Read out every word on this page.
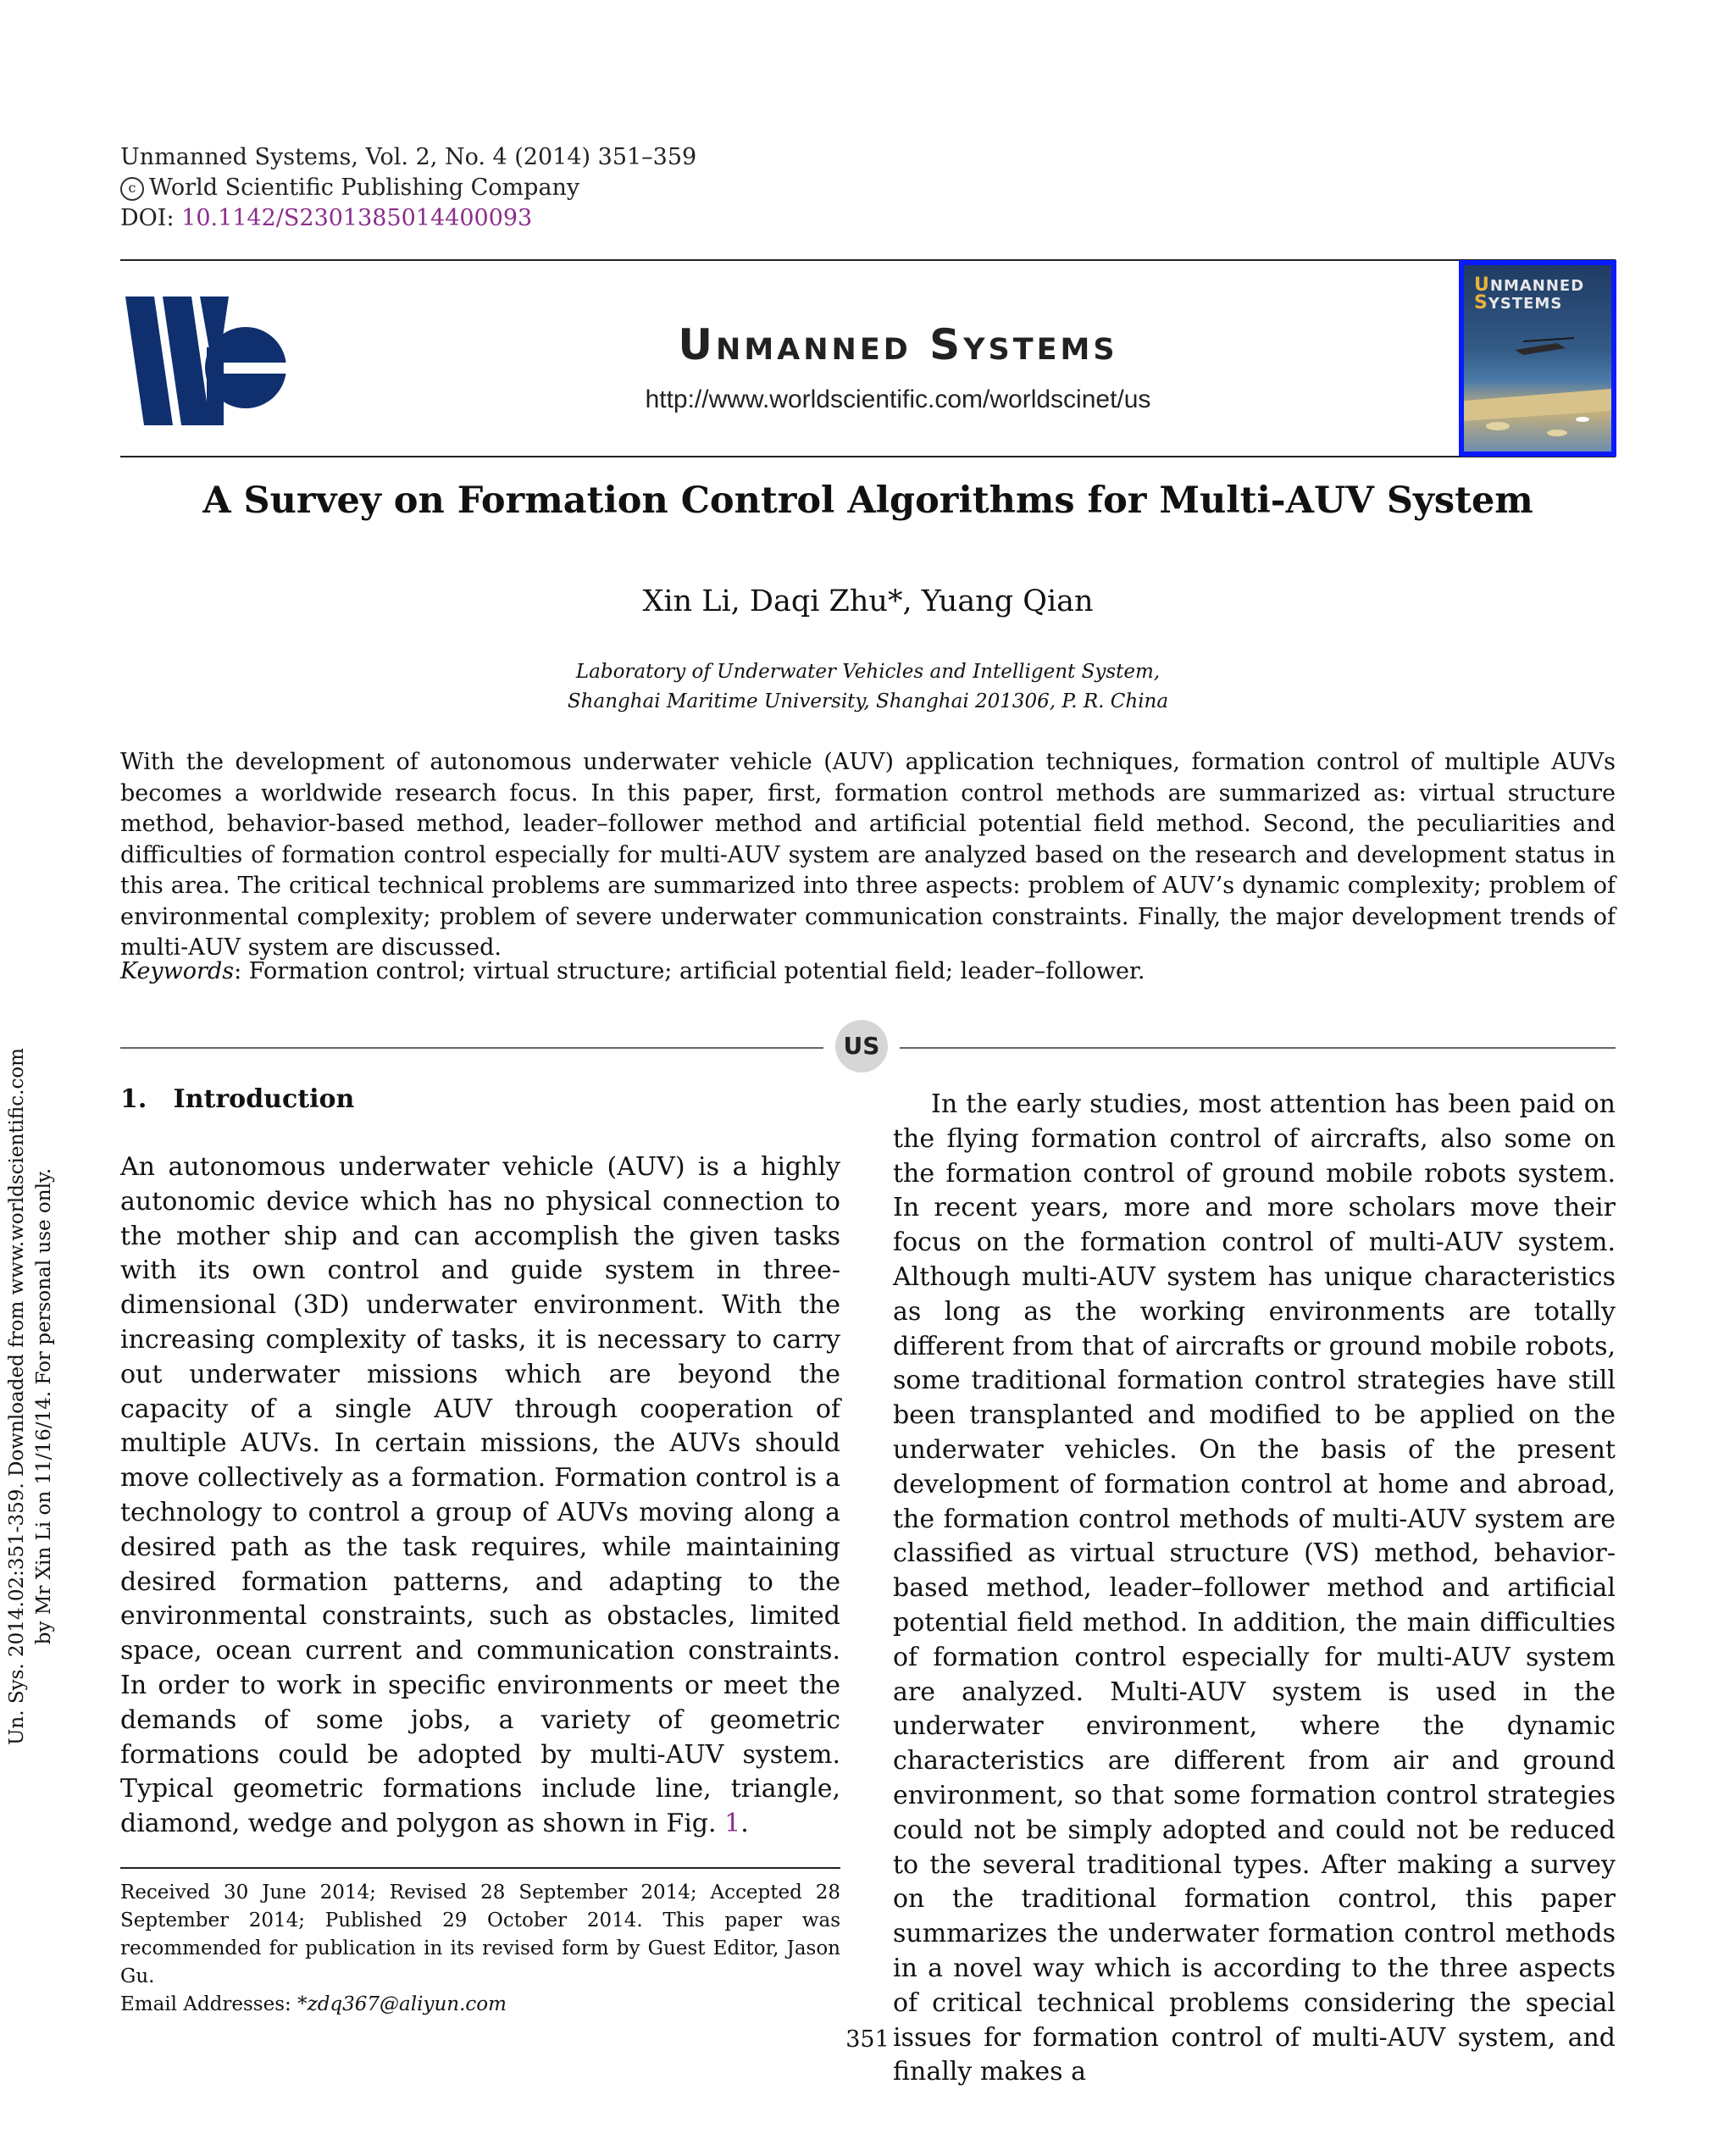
Un. Sys. 2014.02:351-359. Downloaded from www.worldscientific.com by Mr Xin Li on 11/16/14. For personal use only.
Unmanned Systems, Vol. 2, No. 4 (2014) 351–359
c World Scientific Publishing Company
DOI: 10.1142/S2301385014400093
Unmanned Systems
http://www.worldscientific.com/worldscinet/us
UNMANNED
SYSTEMS
A Survey on Formation Control Algorithms for Multi-AUV System
Xin Li, Daqi Zhu*, Yuang Qian
Laboratory of Underwater Vehicles and Intelligent System,
Shanghai Maritime University, Shanghai 201306, P. R. China
With the development of autonomous underwater vehicle (AUV) application techniques, formation control of multiple AUVs becomes a worldwide research focus. In this paper, first, formation control methods are summarized as: virtual structure method, behavior-based method, leader–follower method and artificial potential field method. Second, the peculiarities and difficulties of formation control especially for multi-AUV system are analyzed based on the research and development status in this area. The critical technical problems are summarized into three aspects: problem of AUV’s dynamic complexity; problem of environmental complexity; problem of severe underwater communication constraints. Finally, the major development trends of multi-AUV system are discussed.
Keywords: Formation control; virtual structure; artificial potential field; leader–follower.
US
1. Introduction
An autonomous underwater vehicle (AUV) is a highly autonomic device which has no physical connection to the mother ship and can accomplish the given tasks with its own control and guide system in three-dimensional (3D) underwater environment. With the increasing complexity of tasks, it is necessary to carry out underwater missions which are beyond the capacity of a single AUV through cooperation of multiple AUVs. In certain missions, the AUVs should move collectively as a formation. Formation control is a technology to control a group of AUVs moving along a desired path as the task requires, while maintaining desired formation patterns, and adapting to the environmental constraints, such as obstacles, limited space, ocean current and communication constraints. In order to work in specific environments or meet the demands of some jobs, a variety of geometric formations could be adopted by multi-AUV system. Typical geometric formations include line, triangle, diamond, wedge and polygon as shown in Fig. 1.
In the early studies, most attention has been paid on the flying formation control of aircrafts, also some on the formation control of ground mobile robots system. In recent years, more and more scholars move their focus on the formation control of multi-AUV system. Although multi-AUV system has unique characteristics as long as the working environments are totally different from that of aircrafts or ground mobile robots, some traditional formation control strategies have still been transplanted and modified to be applied on the underwater vehicles. On the basis of the present development of formation control at home and abroad, the formation control methods of multi-AUV system are classified as virtual structure (VS) method, behavior-based method, leader–follower method and artificial potential field method. In addition, the main difficulties of formation control especially for multi-AUV system are analyzed. Multi-AUV system is used in the underwater environment, where the dynamic characteristics are different from air and ground environment, so that some formation control strategies could not be simply adopted and could not be reduced to the several traditional types. After making a survey on the traditional formation control, this paper summarizes the underwater formation control methods in a novel way which is according to the three aspects of critical technical problems considering the special issues for formation control of multi-AUV system, and finally makes a
Received 30 June 2014; Revised 28 September 2014; Accepted 28 September 2014; Published 29 October 2014. This paper was recommended for publication in its revised form by Guest Editor, Jason Gu.
Email Addresses: *zdq367@aliyun.com
351
